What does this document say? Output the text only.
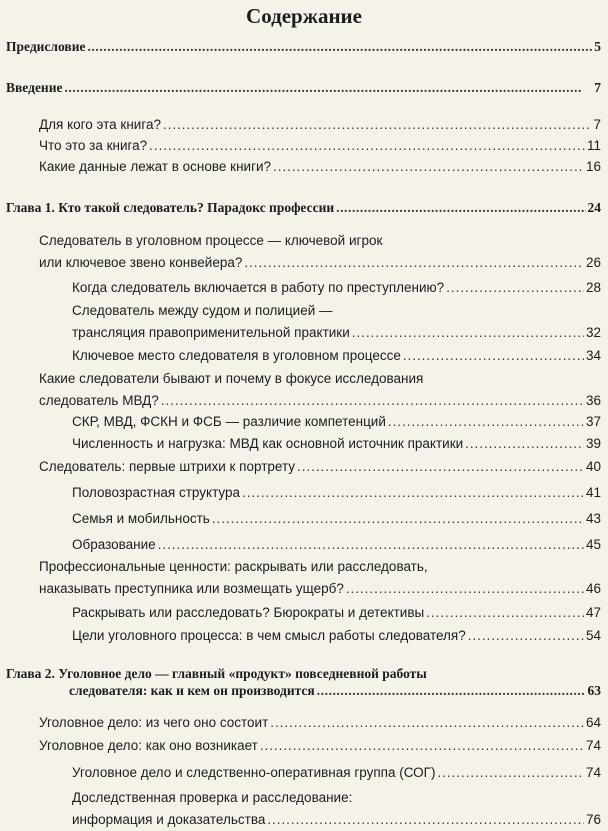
Содержание
Предисловие . . .	5
Введение . . .	7
Для кого эта книга? . . .	7
Что это за книга? . . .	11
Какие данные лежат в основе книги? . . .	16
Глава 1. Кто такой следователь? Парадокс профессии . . .	24
Следователь в уголовном процессе — ключевой игрок
или ключевое звено конвейера? . . .	26
Когда следователь включается в работу по преступлению? . . .	28
Следователь между судом и полицией —
трансляция правоприменительной практики . . .	32
Ключевое место следователя в уголовном процессе . . .	34
Какие следователи бывают и почему в фокусе исследования
следователь МВД? . . .	36
СКР, МВД, ФСКН и ФСБ — различие компетенций . . .	37
Численность и нагрузка: МВД как основной источник практики . . .	39
Следователь: первые штрихи к портрету . . .	40
Половозрастная структура . . .	41
Семья и мобильность . . .	43
Образование . . .	45
Профессиональные ценности: раскрывать или расследовать,
наказывать преступника или возмещать ущерб? . . .	46
Раскрывать или расследовать? Бюрократы и детективы . . .	47
Цели уголовного процесса: в чем смысл работы следователя? . . .	54
Глава 2. Уголовное дело — главный «продукт» повседневной работы
следователя: как и кем он производится . . .	63
Уголовное дело: из чего оно состоит . . .	64
Уголовное дело: как оно возникает . . .	74
Уголовное дело и следственно-оперативная группа (СОГ) . . .	74
Доследственная проверка и расследование:
информация и доказательства . . .	76
